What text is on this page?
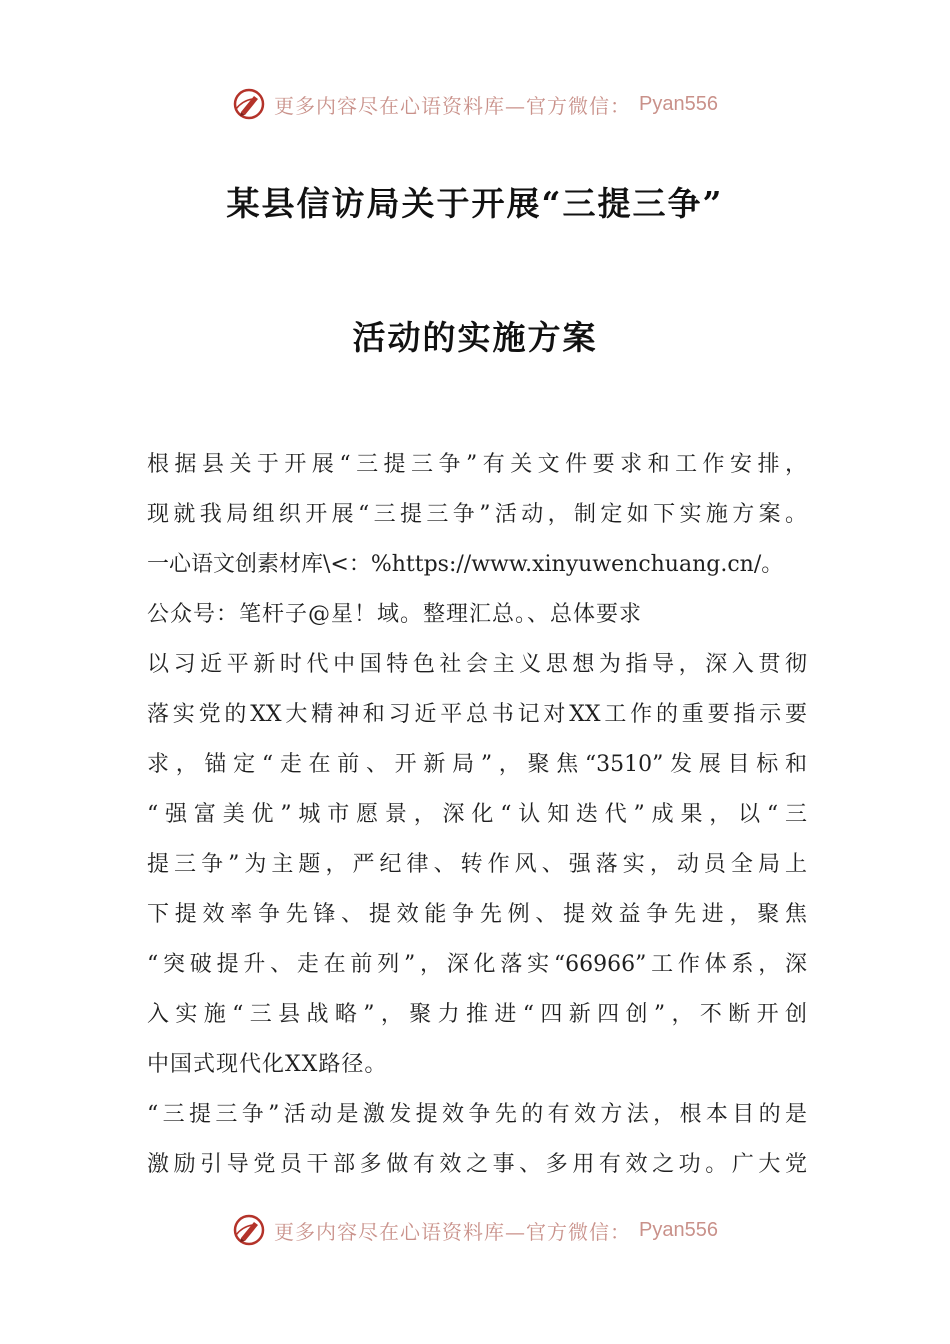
更多内容尽在心语资料库—官方微信： Pyan556
某县信访局关于开展“三提三争”
活动的实施方案
根据县关于开展“三提三争”有关文件要求和工作安排，
现就我局组织开展“三提三争”活动，制定如下实施方案。
一心语文创素材库\<：%https://www.xinyuwenchuang.cn/。
公众号：笔杆子@星！域。整理汇总。、总体要求
以习近平新时代中国特色社会主义思想为指导，深入贯彻
落实党的XX大精神和习近平总书记对XX工作的重要指示要
求，锚定“走在前、开新局”，聚焦“3510”发展目标和
“强富美优”城市愿景，深化“认知迭代”成果，以“三
提三争”为主题，严纪律、转作风、强落实，动员全局上
下提效率争先锋、提效能争先例、提效益争先进，聚焦
“突破提升、走在前列”，深化落实“66966”工作体系，深
入实施“三县战略”，聚力推进“四新四创”，不断开创
中国式现代化XX路径。
“三提三争”活动是激发提效争先的有效方法，根本目的是
激励引导党员干部多做有效之事、多用有效之功。广大党
更多内容尽在心语资料库—官方微信： Pyan556
